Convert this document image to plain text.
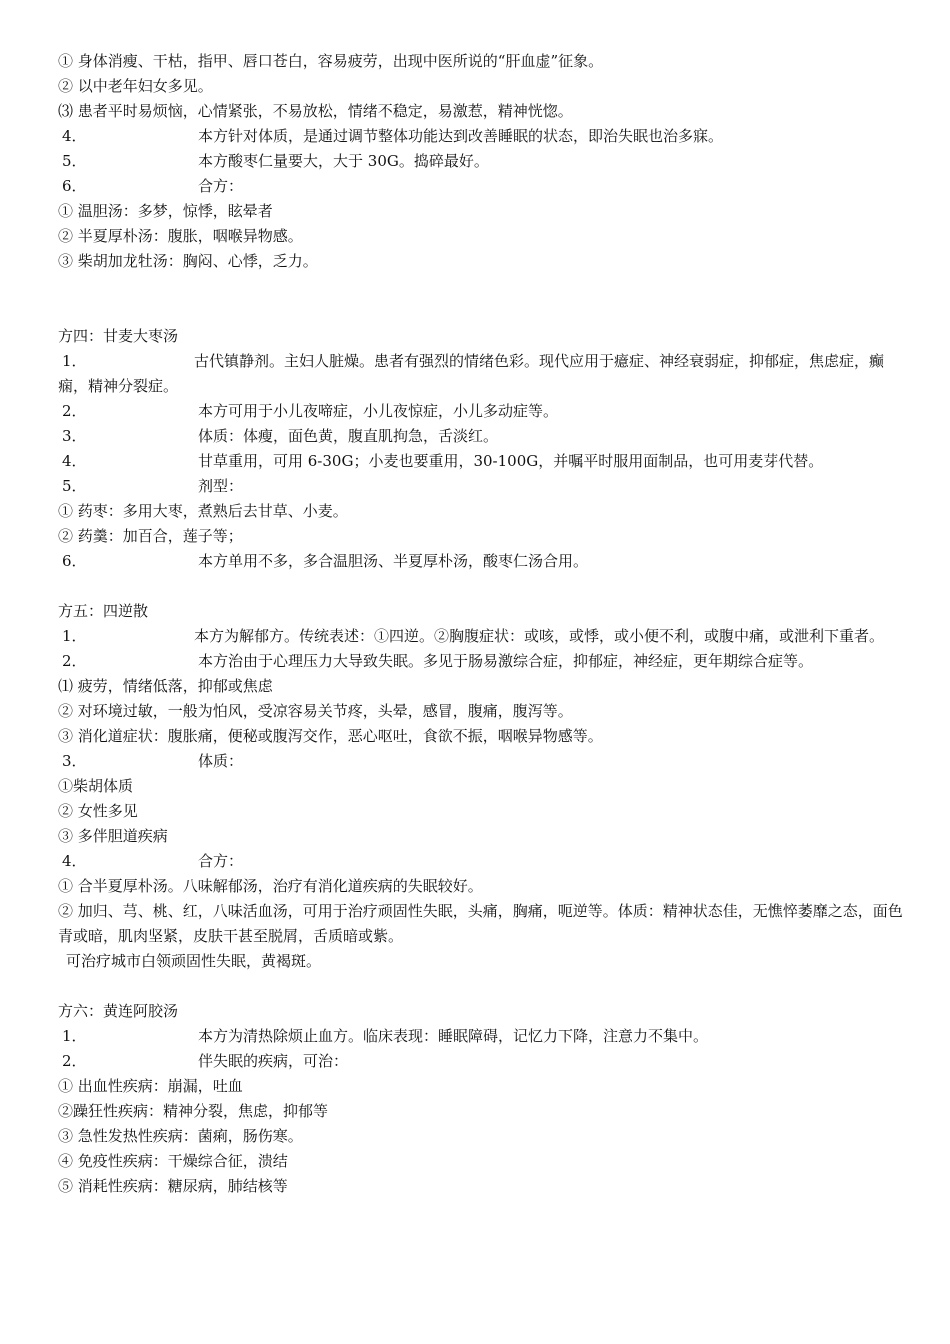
① 身体消瘦、干枯，指甲、唇口苍白，容易疲劳，出现中医所说的“肝血虚”征象。
② 以中老年妇女多见。
⑶ 患者平时易烦恼，心情紧张，不易放松，情绪不稳定，易激惹，精神恍惚。
4．	本方针对体质，是通过调节整体功能达到改善睡眠的状态，即治失眠也治多寐。
5．	本方酸枣仁量要大，大于 30G。捣碎最好。
6．	合方：
① 温胆汤：多梦，惊悸，眩晕者
② 半夏厚朴汤：腹胀，咽喉异物感。
③ 柴胡加龙牡汤：胸闷、心悸，乏力。
方四：甘麦大枣汤
1．	古代镇静剂。主妇人脏燥。患者有强烈的情绪色彩。现代应用于癔症、神经衰弱症，抑郁症，焦虑症，癫痫，精神分裂症。
2．	本方可用于小儿夜啼症，小儿夜惊症，小儿多动症等。
3．	体质：体瘦，面色黄，腹直肌拘急，舌淡红。
4．	甘草重用，可用 6-30G；小麦也要重用，30-100G，并嘱平时服用面制品，也可用麦芽代替。
5．	剂型：
① 药枣：多用大枣，煮熟后去甘草、小麦。
② 药羹：加百合，莲子等；
6．	本方单用不多，多合温胆汤、半夏厚朴汤，酸枣仁汤合用。
方五：四逆散
1．	本方为解郁方。传统表述：①四逆。②胸腹症状：或咳，或悸，或小便不利，或腹中痛，或泄利下重者。
2．	本方治由于心理压力大导致失眠。多见于肠易激综合症，抑郁症，神经症，更年期综合症等。
⑴ 疲劳，情绪低落，抑郁或焦虑
② 对环境过敏，一般为怕风，受凉容易关节疼，头晕，感冒，腹痛，腹泻等。
③ 消化道症状：腹胀痛，便秘或腹泻交作，恶心呕吐，食欲不振，咽喉异物感等。
3．	体质：
①柴胡体质
② 女性多见
③ 多伴胆道疾病
4．	合方：
① 合半夏厚朴汤。八味解郁汤，治疗有消化道疾病的失眠较好。
② 加归、芎、桃、红，八味活血汤，可用于治疗顽固性失眠，头痛，胸痛，呃逆等。体质：精神状态佳，无憔悴萎靡之态，面色青或暗，肌肉坚紧，皮肤干甚至脱屑，舌质暗或紫。
可治疗城市白领顽固性失眠，黄褐斑。
方六：黄连阿胶汤
1．	本方为清热除烦止血方。临床表现：睡眠障碍，记忆力下降，注意力不集中。
2．	伴失眠的疾病，可治：
① 出血性疾病：崩漏，吐血
②躁狂性疾病：精神分裂，焦虑，抑郁等
③ 急性发热性疾病：菌痢，肠伤寒。
④ 免疫性疾病：干燥综合征，溃结
⑤ 消耗性疾病：糖尿病，肺结核等
